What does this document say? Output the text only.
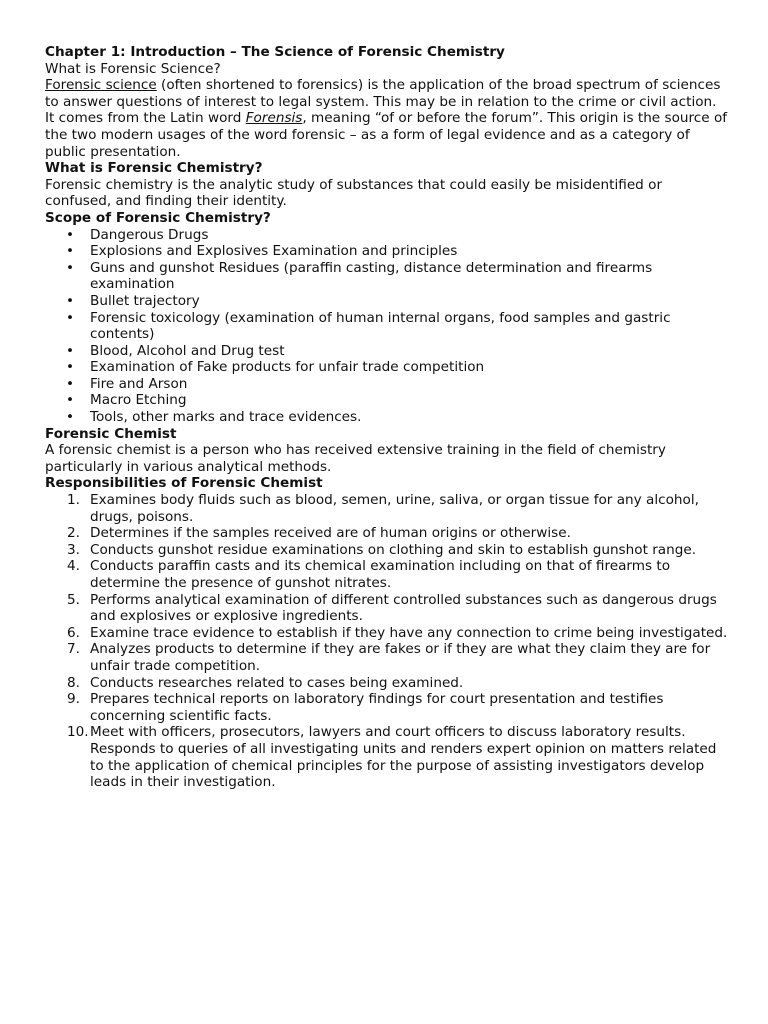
Chapter 1: Introduction – The Science of Forensic Chemistry

What is Forensic Science?

Forensic science (often shortened to forensics) is the application of the broad spectrum of sciences to answer questions of interest to legal system. This may be in relation to the crime or civil action. It comes from the Latin word Forensis, meaning “of or before the forum”. This origin is the source of the two modern usages of the word forensic – as a form of legal evidence and as a category of public presentation.

What is Forensic Chemistry?

Forensic chemistry is the analytic study of substances that could easily be misidentified or confused, and finding their identity.

Scope of Forensic Chemistry?

• Dangerous Drugs
• Explosions and Explosives Examination and principles
• Guns and gunshot Residues (paraffin casting, distance determination and firearms examination
• Bullet trajectory
• Forensic toxicology (examination of human internal organs, food samples and gastric contents)
• Blood, Alcohol and Drug test
• Examination of Fake products for unfair trade competition
• Fire and Arson
• Macro Etching
• Tools, other marks and trace evidences.

Forensic Chemist

A forensic chemist is a person who has received extensive training in the field of chemistry particularly in various analytical methods.

Responsibilities of Forensic Chemist

1. Examines body fluids such as blood, semen, urine, saliva, or organ tissue for any alcohol, drugs, poisons.
2. Determines if the samples received are of human origins or otherwise.
3. Conducts gunshot residue examinations on clothing and skin to establish gunshot range.
4. Conducts paraffin casts and its chemical examination including on that of firearms to determine the presence of gunshot nitrates.
5. Performs analytical examination of different controlled substances such as dangerous drugs and explosives or explosive ingredients.
6. Examine trace evidence to establish if they have any connection to crime being investigated.
7. Analyzes products to determine if they are fakes or if they are what they claim they are for unfair trade competition.
8. Conducts researches related to cases being examined.
9. Prepares technical reports on laboratory findings for court presentation and testifies concerning scientific facts.
10. Meet with officers, prosecutors, lawyers and court officers to discuss laboratory results. Responds to queries of all investigating units and renders expert opinion on matters related to the application of chemical principles for the purpose of assisting investigators develop leads in their investigation.
